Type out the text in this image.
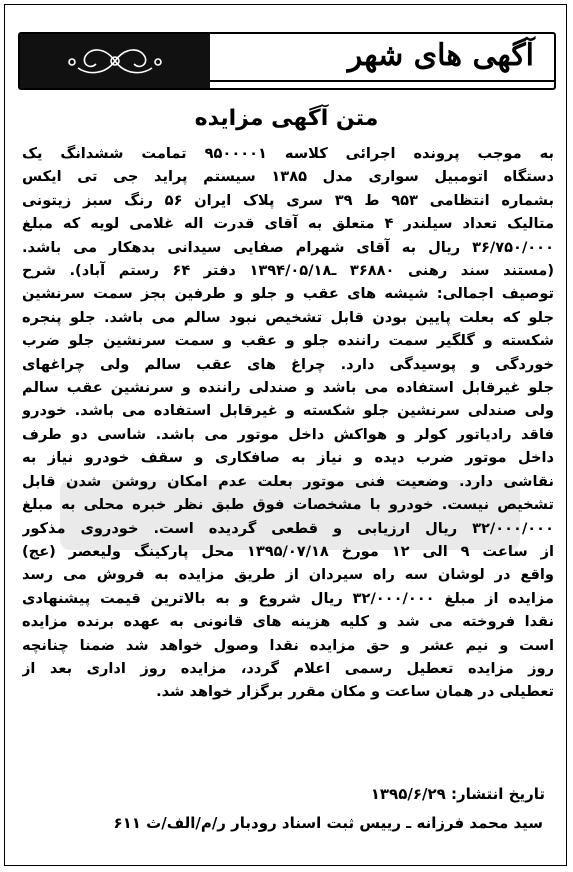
آگهی های شهر
متن آگهی مزایده
به موجب پرونده اجرائی کلاسه ۹۵۰۰۰۰۱ تمامت ششدانگ یک
دستگاه اتومبیل سواری مدل ۱۳۸۵ سیستم پراید جی تی ایکس
بشماره انتظامی ۹۵۳ ط ۳۹ سری پلاک ایران ۵۶ رنگ سبز زیتونی
متالیک تعداد سیلندر ۴ متعلق به آقای قدرت اله غلامی لویه که مبلغ
۳۶/۷۵۰/۰۰۰ ریال به آقای شهرام صفایی سیدانی بدهکار می باشد.
(مستند سند رهنی ۳۶۸۸۰ ـ۱۳۹۴/۰۵/۱۸ دفتر ۶۴ رستم آباد). شرح
توصیف اجمالی: شیشه های عقب و جلو و طرفین بجز سمت سرنشین
جلو که بعلت پایین بودن قابل تشخیص نبود سالم می باشد. جلو پنجره
شکسته و گلگیر سمت راننده جلو و عقب و سمت سرنشین جلو ضرب
خوردگی و پوسیدگی دارد. چراغ های عقب سالم ولی چراغهای
جلو غیرقابل استفاده می باشد و صندلی راننده و سرنشین عقب سالم
ولی صندلی سرنشین جلو شکسته و غیرقابل استفاده می باشد. خودرو
فاقد رادیاتور کولر و هواکش داخل موتور می باشد. شاسی دو طرف
داخل موتور ضرب دیده و نیاز به صافکاری و سقف خودرو نیاز به
نقاشی دارد. وضعیت فنی موتور بعلت عدم امکان روشن شدن قابل
تشخیص نیست. خودرو با مشخصات فوق طبق نظر خبره محلی به مبلغ
۳۲/۰۰۰/۰۰۰ ریال ارزیابی و قطعی گردیده است. خودروی مذکور
از ساعت ۹ الی ۱۲ مورخ ۱۳۹۵/۰۷/۱۸ محل پارکینگ ولیعصر (عج)
واقع در لوشان سه راه سیردان از طریق مزایده به فروش می رسد
مزایده از مبلغ ۳۲/۰۰۰/۰۰۰ ریال شروع و به بالاترین قیمت پیشنهادی
نقدا فروخته می شد و کلیه هزینه های قانونی به عهده برنده مزایده
است و نیم عشر و حق مزایده نقدا وصول خواهد شد ضمنا چنانچه
روز مزایده تعطیل رسمی اعلام گردد، مزایده روز اداری بعد از
تعطیلی در همان ساعت و مکان مقرر برگزار خواهد شد.
تاریخ انتشار: ۱۳۹۵/۶/۲۹
سید محمد فرزانه ـ رییس ثبت اسناد رودبار ر/م/الف/ث ۶۱۱
